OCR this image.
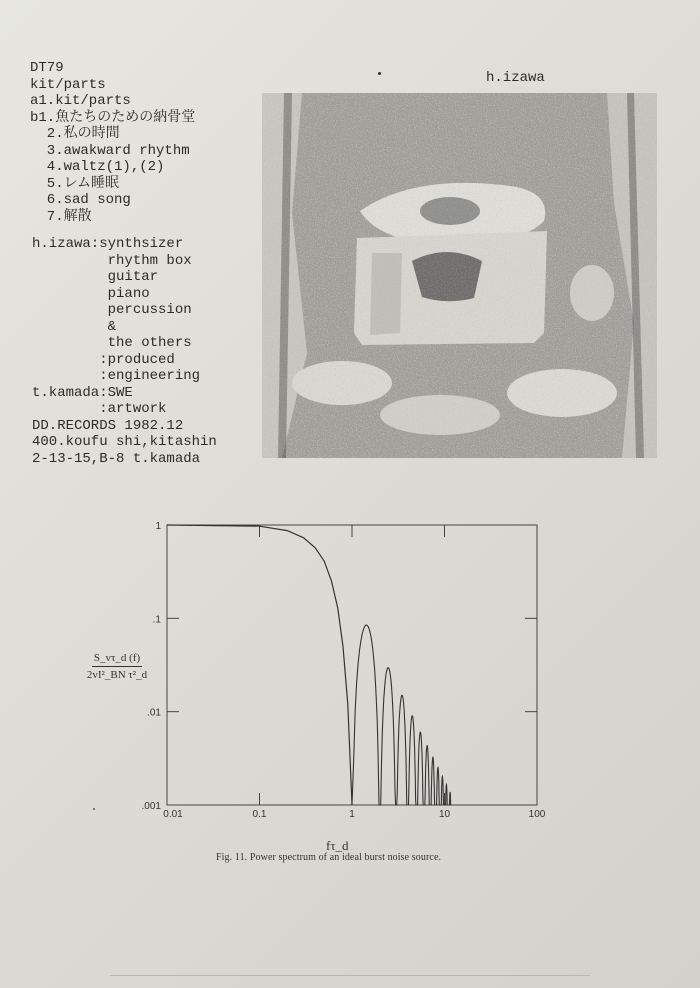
DT79
kit/parts
a1.kit/parts
b1.魚たちのための納骨堂
2.私の時間
3.awakward rhythm
4.waltz(1),(2)
5.レム睡眠
6.sad song
7.解散
h.izawa:synthsizer
rhythm box
guitar
piano
percussion
&
the others
:produced
:engineering
t.kamada:SWE
:artwork
DD.RECORDS 1982.12
400.koufu shi,kitashin
2-13-15,B-8 t.kamada
h.izawa
0.01	0.1	1	10	100
1
.1
.01
.001
$\frac{S\_v\tau\_d (f)}{\text{2vI²\_BN τ²\_d}}$
fτ_d
Fig. 11. Power spectrum of an ideal burst noise source.
